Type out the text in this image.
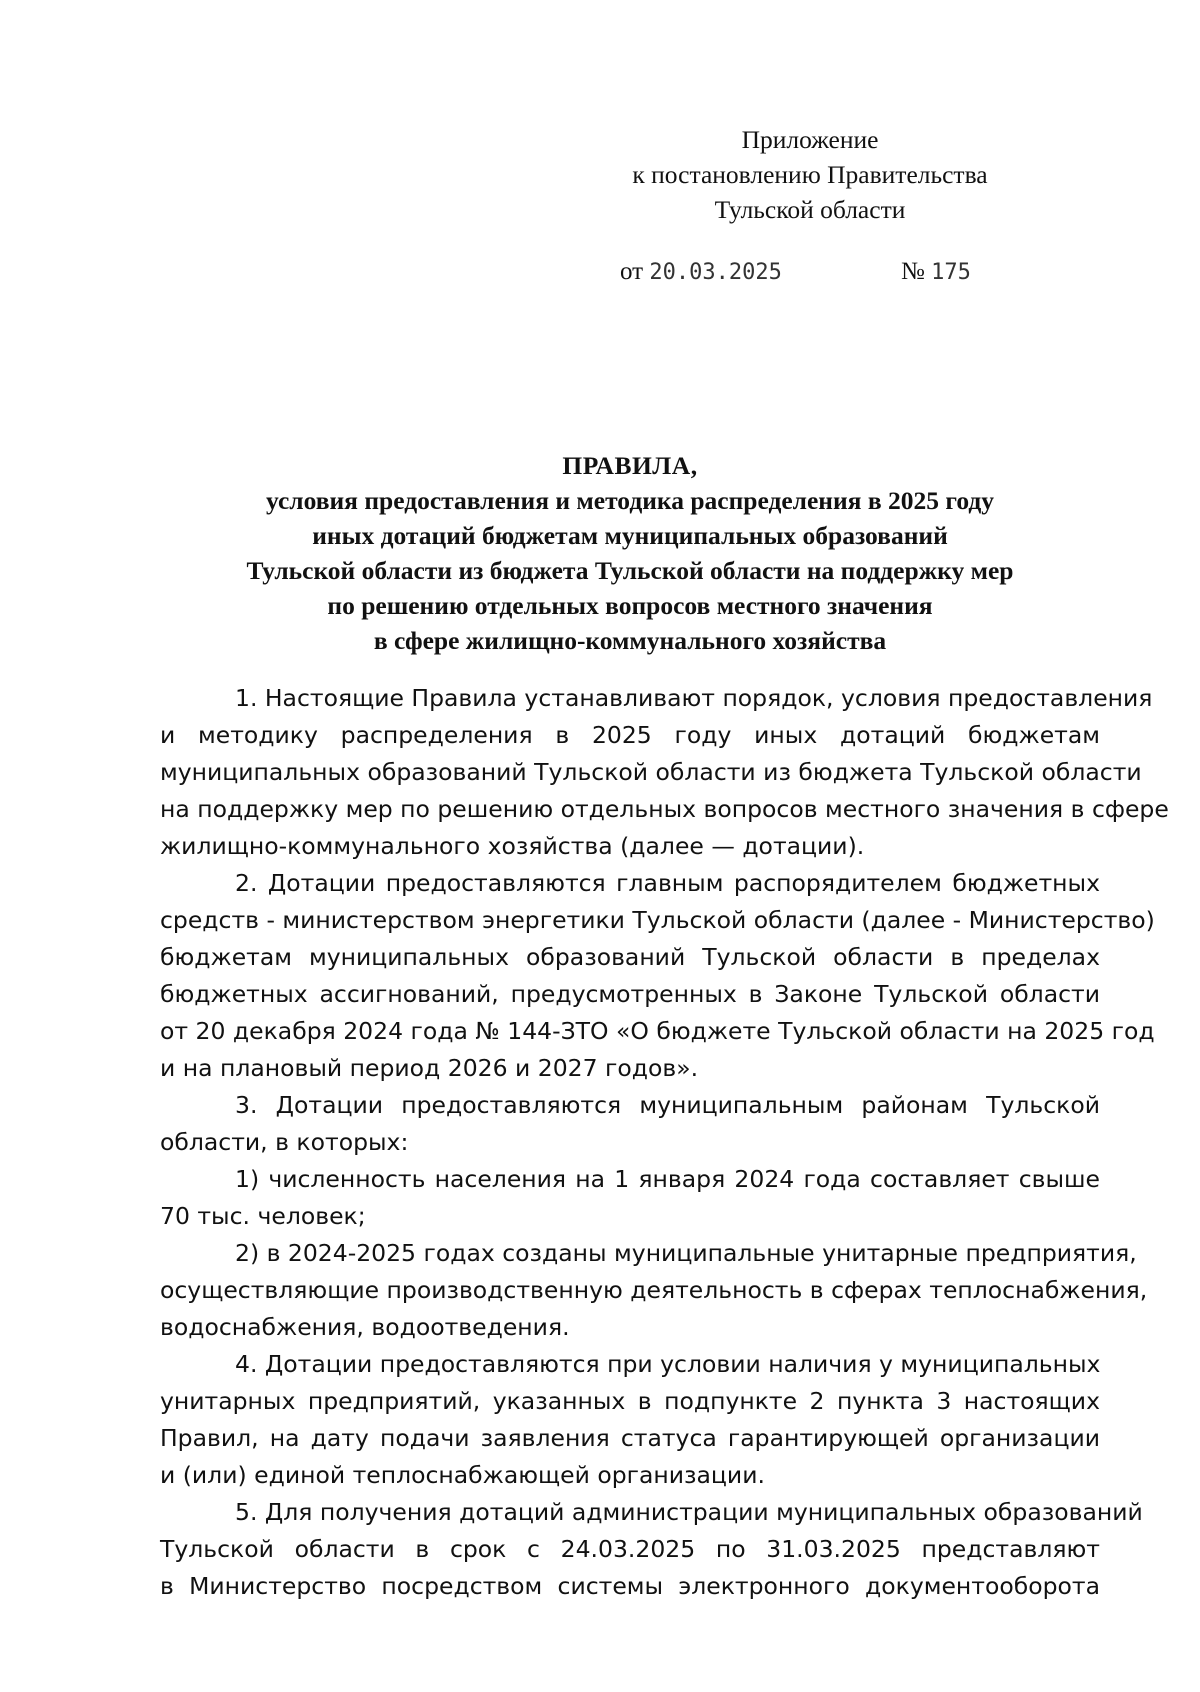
Приложение
к постановлению Правительства
Тульской области
от 20.03.2025	№ 175
ПРАВИЛА,
условия предоставления и методика распределения в 2025 году
иных дотаций бюджетам муниципальных образований
Тульской области из бюджета Тульской области на поддержку мер
по решению отдельных вопросов местного значения
в сфере жилищно-коммунального хозяйства
1. Настоящие Правила устанавливают порядок, условия предоставления
и методику распределения в 2025 году иных дотаций бюджетам
муниципальных образований Тульской области из бюджета Тульской области
на поддержку мер по решению отдельных вопросов местного значения в сфере
жилищно-коммунального хозяйства (далее — дотации).
2. Дотации предоставляются главным распорядителем бюджетных
средств - министерством энергетики Тульской области (далее - Министерство)
бюджетам муниципальных образований Тульской области в пределах
бюджетных ассигнований, предусмотренных в Законе Тульской области
от 20 декабря 2024 года № 144-ЗТО «О бюджете Тульской области на 2025 год
и на плановый период 2026 и 2027 годов».
3. Дотации предоставляются муниципальным районам Тульской
области, в которых:
1) численность населения на 1 января 2024 года составляет свыше
70 тыс. человек;
2) в 2024-2025 годах созданы муниципальные унитарные предприятия,
осуществляющие производственную деятельность в сферах теплоснабжения,
водоснабжения, водоотведения.
4. Дотации предоставляются при условии наличия у муниципальных
унитарных предприятий, указанных в подпункте 2 пункта 3 настоящих
Правил, на дату подачи заявления статуса гарантирующей организации
и (или) единой теплоснабжающей организации.
5. Для получения дотаций администрации муниципальных образований
Тульской области в срок с 24.03.2025 по 31.03.2025 представляют
в Министерство посредством системы электронного документооборота
